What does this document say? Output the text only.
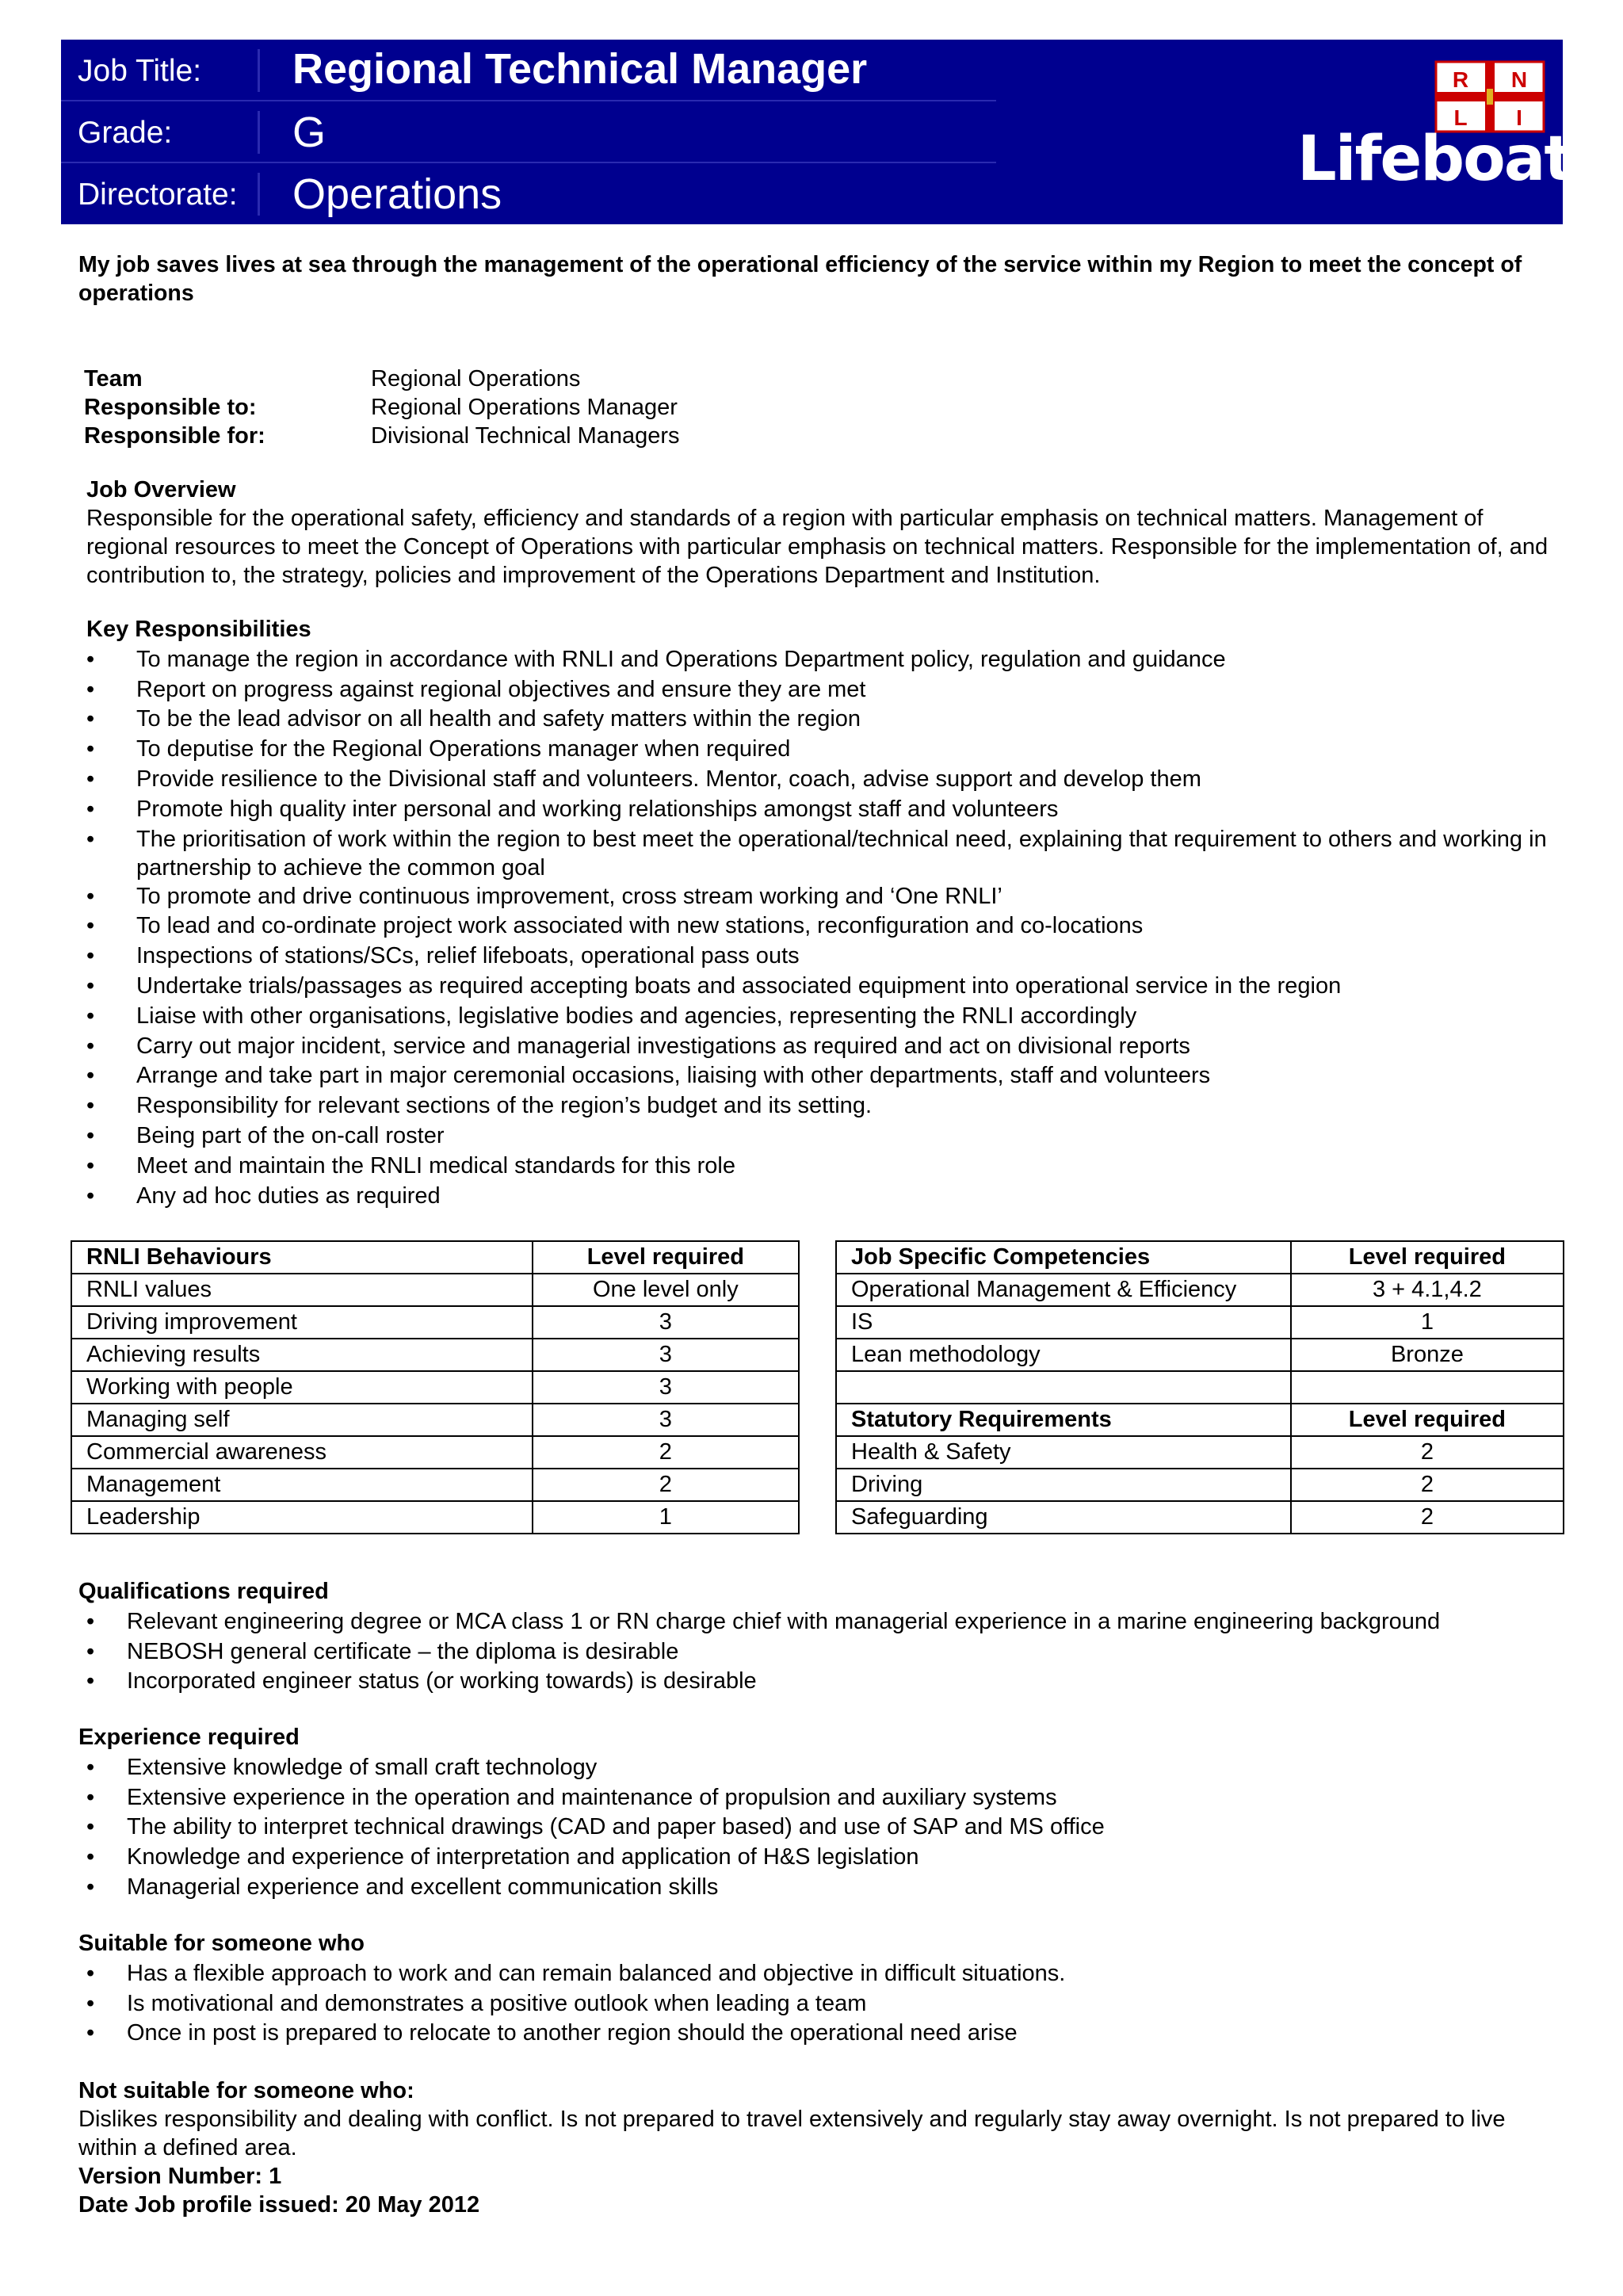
Job Title: Regional Technical Manager
Grade:	G
Directorate: Operations
R N
L I
Lifeboats
My job saves lives at sea through the management of the operational efficiency of the service within my Region to meet the concept of operations
Team	Regional Operations
Responsible to:	Regional Operations Manager
Responsible for:	Divisional Technical Managers
Job Overview
Responsible for the operational safety, efficiency and standards of a region with particular emphasis on technical matters. Management of regional resources to meet the Concept of Operations with particular emphasis on technical matters. Responsible for the implementation of, and contribution to, the strategy, policies and improvement of the Operations Department and Institution.
Key Responsibilities
• To manage the region in accordance with RNLI and Operations Department policy, regulation and guidance
• Report on progress against regional objectives and ensure they are met
• To be the lead advisor on all health and safety matters within the region
• To deputise for the Regional Operations manager when required
• Provide resilience to the Divisional staff and volunteers. Mentor, coach, advise support and develop them
• Promote high quality inter personal and working relationships amongst staff and volunteers
• The prioritisation of work within the region to best meet the operational/technical need, explaining that requirement to others and working in partnership to achieve the common goal
• To promote and drive continuous improvement, cross stream working and ‘One RNLI’
• To lead and co-ordinate project work associated with new stations, reconfiguration and co-locations
• Inspections of stations/SCs, relief lifeboats, operational pass outs
• Undertake trials/passages as required accepting boats and associated equipment into operational service in the region
• Liaise with other organisations, legislative bodies and agencies, representing the RNLI accordingly
• Carry out major incident, service and managerial investigations as required and act on divisional reports
• Arrange and take part in major ceremonial occasions, liaising with other departments, staff and volunteers
• Responsibility for relevant sections of the region’s budget and its setting.
• Being part of the on-call roster
• Meet and maintain the RNLI medical standards for this role
• Any ad hoc duties as required
RNLI Behaviours	Level required
RNLI values	One level only
Driving improvement	3
Achieving results	3
Working with people	3
Managing self	3
Commercial awareness	2
Management	2
Leadership	1
Job Specific Competencies	Level required
Operational Management & Efficiency	3 + 4.1,4.2
IS	1
Lean methodology	Bronze

Statutory Requirements	Level required
Health & Safety	2
Driving	2
Safeguarding	2
Qualifications required
• Relevant engineering degree or MCA class 1 or RN charge chief with managerial experience in a marine engineering background
• NEBOSH general certificate – the diploma is desirable
• Incorporated engineer status (or working towards) is desirable
Experience required
• Extensive knowledge of small craft technology
• Extensive experience in the operation and maintenance of propulsion and auxiliary systems
• The ability to interpret technical drawings (CAD and paper based) and use of SAP and MS office
• Knowledge and experience of interpretation and application of H&S legislation
• Managerial experience and excellent communication skills
Suitable for someone who
• Has a flexible approach to work and can remain balanced and objective in difficult situations.
• Is motivational and demonstrates a positive outlook when leading a team
• Once in post is prepared to relocate to another region should the operational need arise
Not suitable for someone who:
Dislikes responsibility and dealing with conflict. Is not prepared to travel extensively and regularly stay away overnight. Is not prepared to live within a defined area.
Version Number: 1
Date Job profile issued: 20 May 2012
